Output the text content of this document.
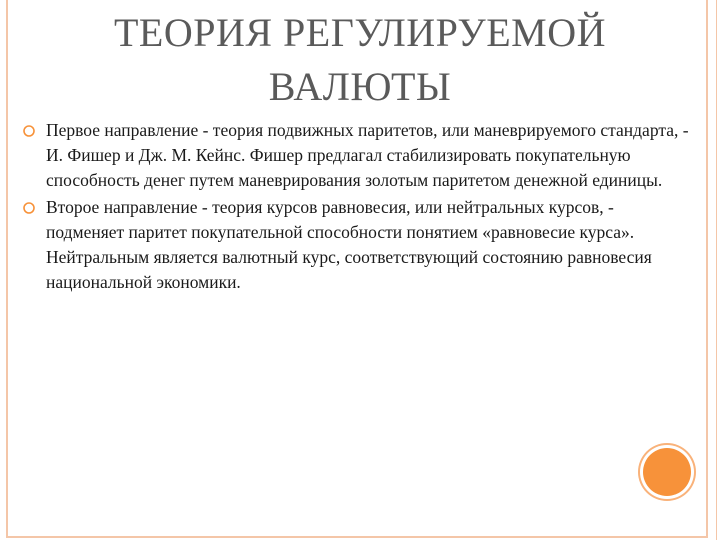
ТЕОРИЯ РЕГУЛИРУЕМОЙ ВАЛЮТЫ
Первое направление - теория подвижных паритетов, или маневрируемого стандарта, - И. Фишер и Дж. М. Кейнс. Фишер предлагал стабилизировать покупательную способность денег путем маневрирования золотым паритетом денежной единицы.
Второе направление - теория курсов равновесия, или нейтральных курсов, - подменяет паритет покупательной способности понятием «равновесие курса». Нейтральным является валютный курс, соответствующий состоянию равновесия национальной экономики.
